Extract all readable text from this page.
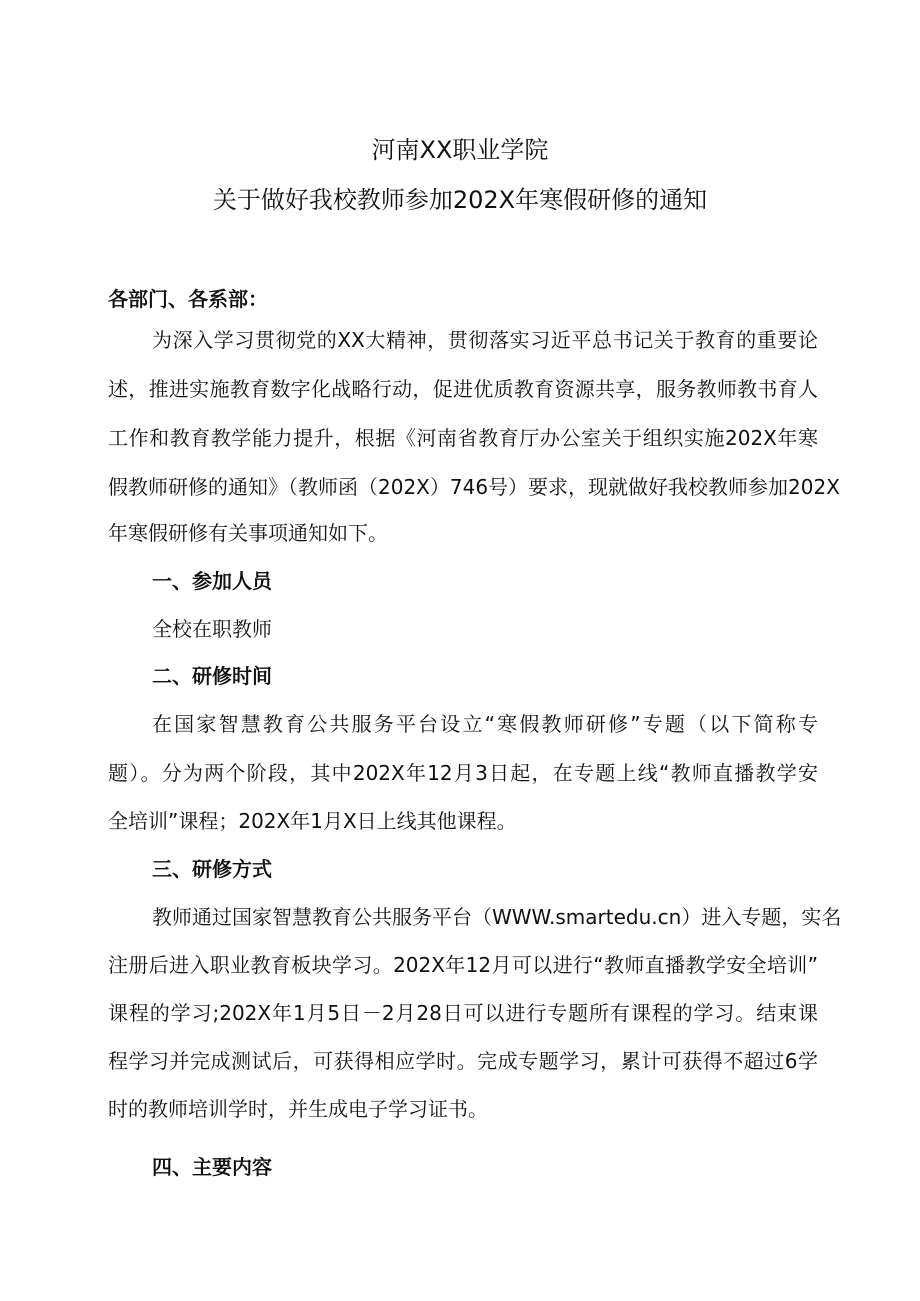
河南XX职业学院
关于做好我校教师参加202X年寒假研修的通知
各部门、各系部：
为深入学习贯彻党的XX大精神，贯彻落实习近平总书记关于教育的重要论
述，推进实施教育数字化战略行动，促进优质教育资源共享，服务教师教书育人
工作和教育教学能力提升，根据《河南省教育厅办公室关于组织实施202X年寒
假教师研修的通知》（教师函（202X）746号）要求，现就做好我校教师参加202X
年寒假研修有关事项通知如下。
一、参加人员
全校在职教师
二、研修时间
在国家智慧教育公共服务平台设立“寒假教师研修”专题（以下简称专
题）。分为两个阶段，其中202X年12月3日起，在专题上线“教师直播教学安
全培训”课程；202X年1月X日上线其他课程。
三、研修方式
教师通过国家智慧教育公共服务平台（WWW.smartedu.cn）进入专题，实名
注册后进入职业教育板块学习。202X年12月可以进行“教师直播教学安全培训”
课程的学习;202X年1月5日－2月28日可以进行专题所有课程的学习。结束课
程学习并完成测试后，可获得相应学时。完成专题学习，累计可获得不超过6学
时的教师培训学时，并生成电子学习证书。
四、主要内容
